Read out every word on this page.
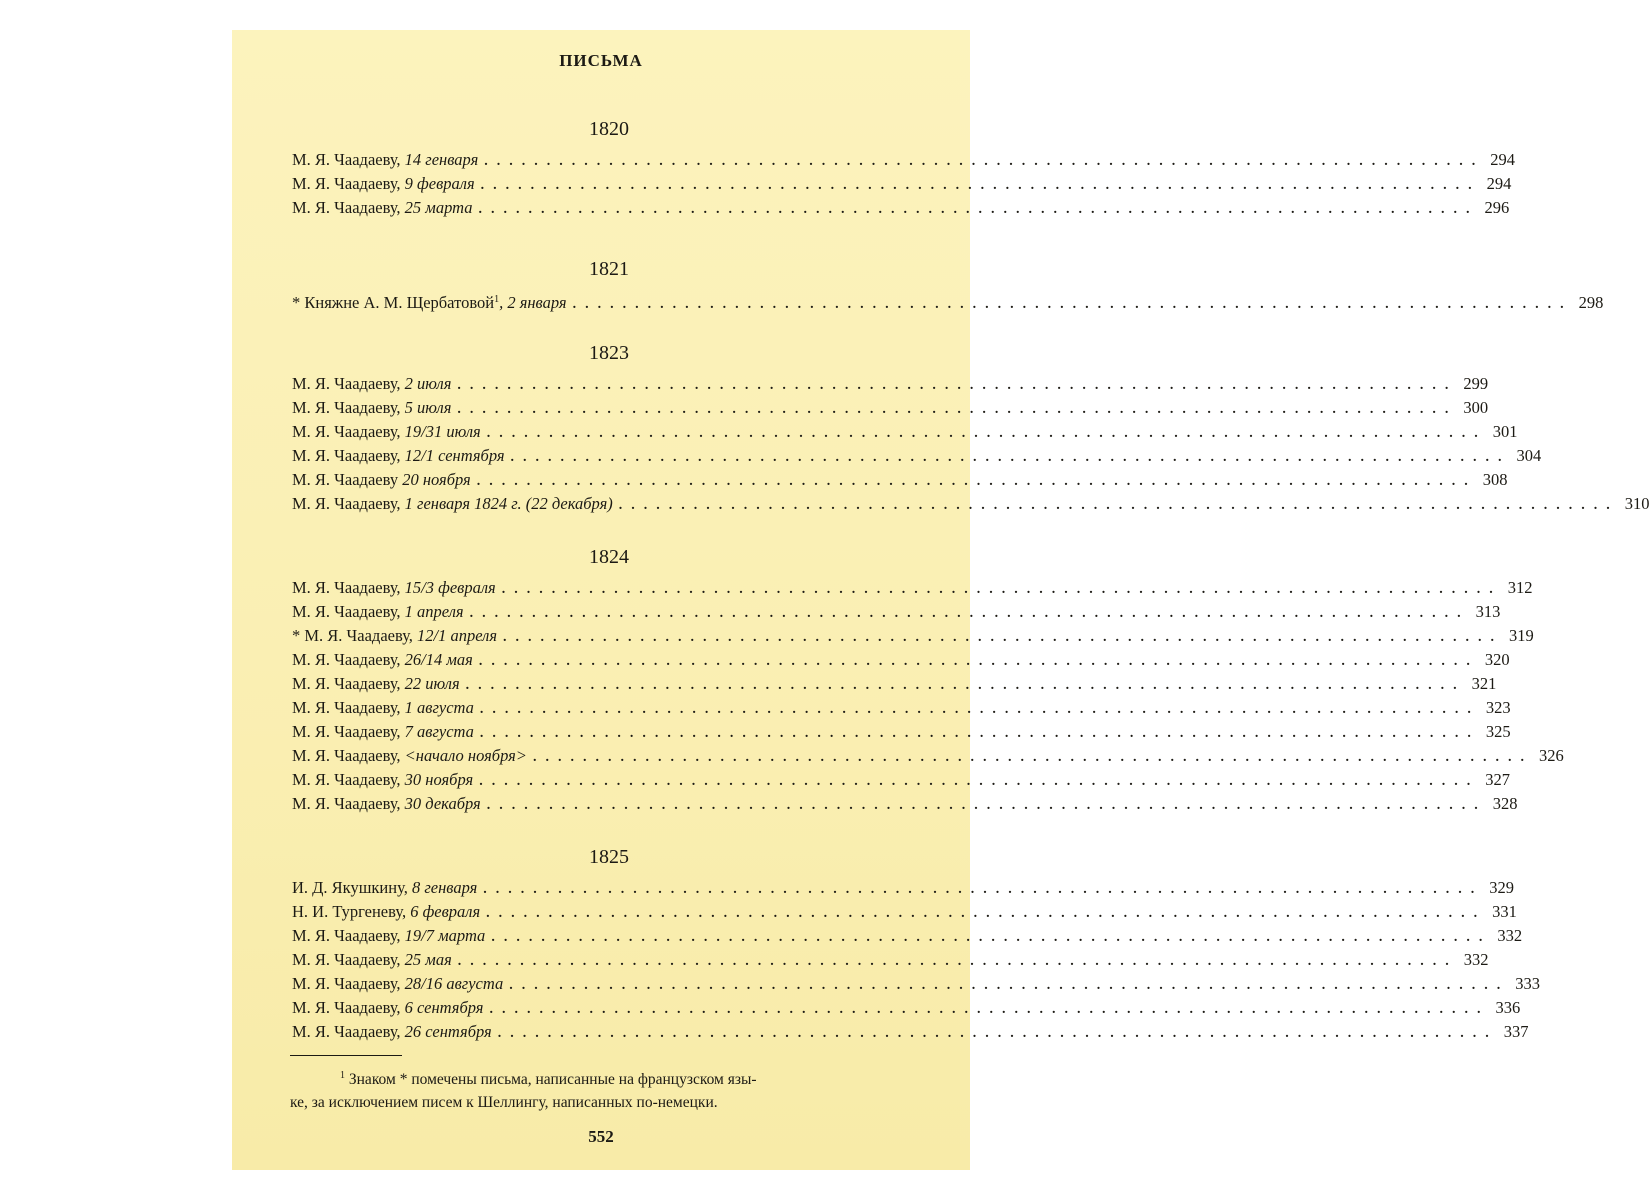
ПИСЬМА
1820
М. Я. Чаадаеву, 14 генваря ................................................................................ 294
М. Я. Чаадаеву, 9 февраля ................................................................................ 294
М. Я. Чаадаеву, 25 марта ................................................................................ 296
1821
* Княжне А. М. Щербатовой$^1$, 2 января ................................................................................ 298
1823
М. Я. Чаадаеву, 2 июля ................................................................................ 299
М. Я. Чаадаеву, 5 июля ................................................................................ 300
М. Я. Чаадаеву, 19/31 июля ................................................................................ 301
М. Я. Чаадаеву, 12/1 сентября ................................................................................ 304
М. Я. Чаадаеву 20 ноября ................................................................................ 308
М. Я. Чаадаеву, 1 генваря 1824 г. (22 декабря) ................................................................................ 310
1824
М. Я. Чаадаеву, 15/3 февраля ................................................................................ 312
М. Я. Чаадаеву, 1 апреля ................................................................................ 313
* М. Я. Чаадаеву, 12/1 апреля ................................................................................ 319
М. Я. Чаадаеву, 26/14 мая ................................................................................ 320
М. Я. Чаадаеву, 22 июля ................................................................................ 321
М. Я. Чаадаеву, 1 августа ................................................................................ 323
М. Я. Чаадаеву, 7 августа ................................................................................ 325
М. Я. Чаадаеву, <начало ноября> ................................................................................ 326
М. Я. Чаадаеву, 30 ноября ................................................................................ 327
М. Я. Чаадаеву, 30 декабря ................................................................................ 328
1825
И. Д. Якушкину, 8 генваря ................................................................................ 329
Н. И. Тургеневу, 6 февраля ................................................................................ 331
М. Я. Чаадаеву, 19/7 марта ................................................................................ 332
М. Я. Чаадаеву, 25 мая ................................................................................ 332
М. Я. Чаадаеву, 28/16 августа ................................................................................ 333
М. Я. Чаадаеву, 6 сентября ................................................................................ 336
М. Я. Чаадаеву, 26 сентября ................................................................................ 337

$^1$ Знаком * помечены письма, написанные на французском язы-

ке, за исключением писем к Шеллингу, написанных по-немецки.

552
